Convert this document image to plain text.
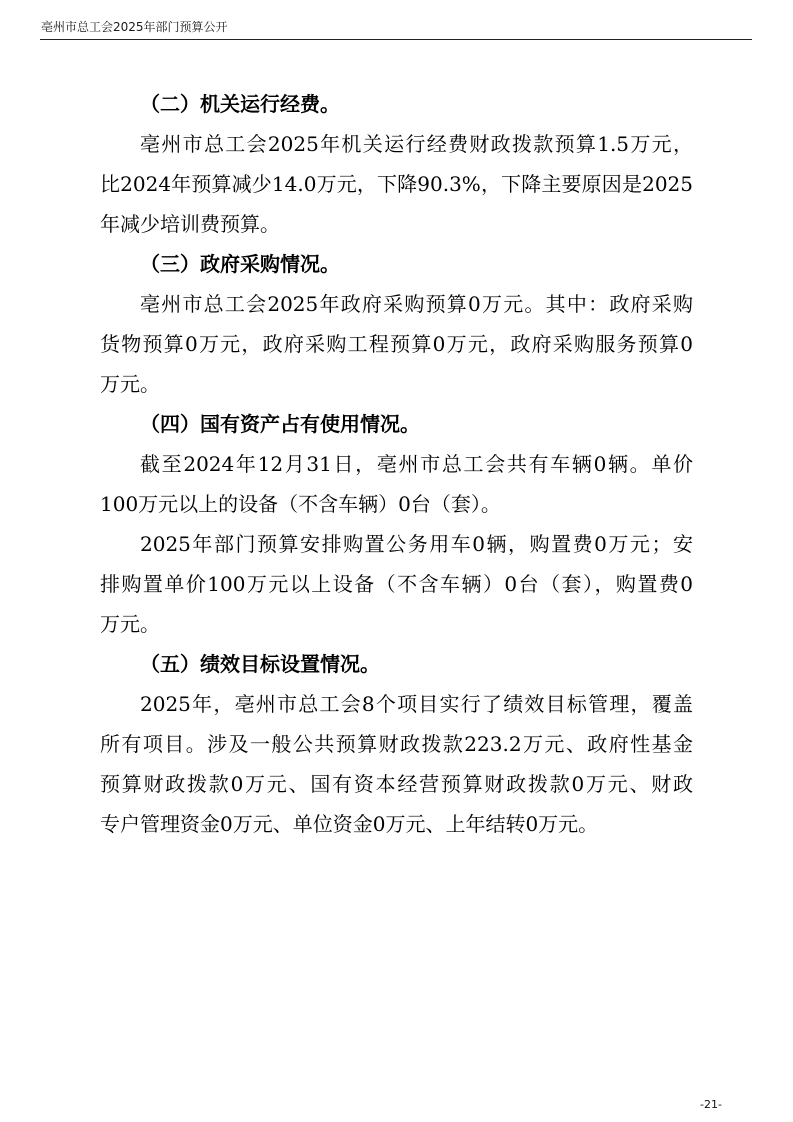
亳州市总工会2025年部门预算公开
（二）机关运行经费。
亳州市总工会2025年机关运行经费财政拨款预算1.5万元，
比2024年预算减少14.0万元，下降90.3%，下降主要原因是2025
年减少培训费预算。
（三）政府采购情况。
亳州市总工会2025年政府采购预算0万元。其中：政府采购
货物预算0万元，政府采购工程预算0万元，政府采购服务预算0
万元。
（四）国有资产占有使用情况。
截至2024年12月31日，亳州市总工会共有车辆0辆。单价
100万元以上的设备（不含车辆）0台（套）。
2025年部门预算安排购置公务用车0辆，购置费0万元；安
排购置单价100万元以上设备（不含车辆）0台（套），购置费0
万元。
（五）绩效目标设置情况。
2025年，亳州市总工会8个项目实行了绩效目标管理，覆盖
所有项目。涉及一般公共预算财政拨款223.2万元、政府性基金
预算财政拨款0万元、国有资本经营预算财政拨款0万元、财政
专户管理资金0万元、单位资金0万元、上年结转0万元。
-21-
